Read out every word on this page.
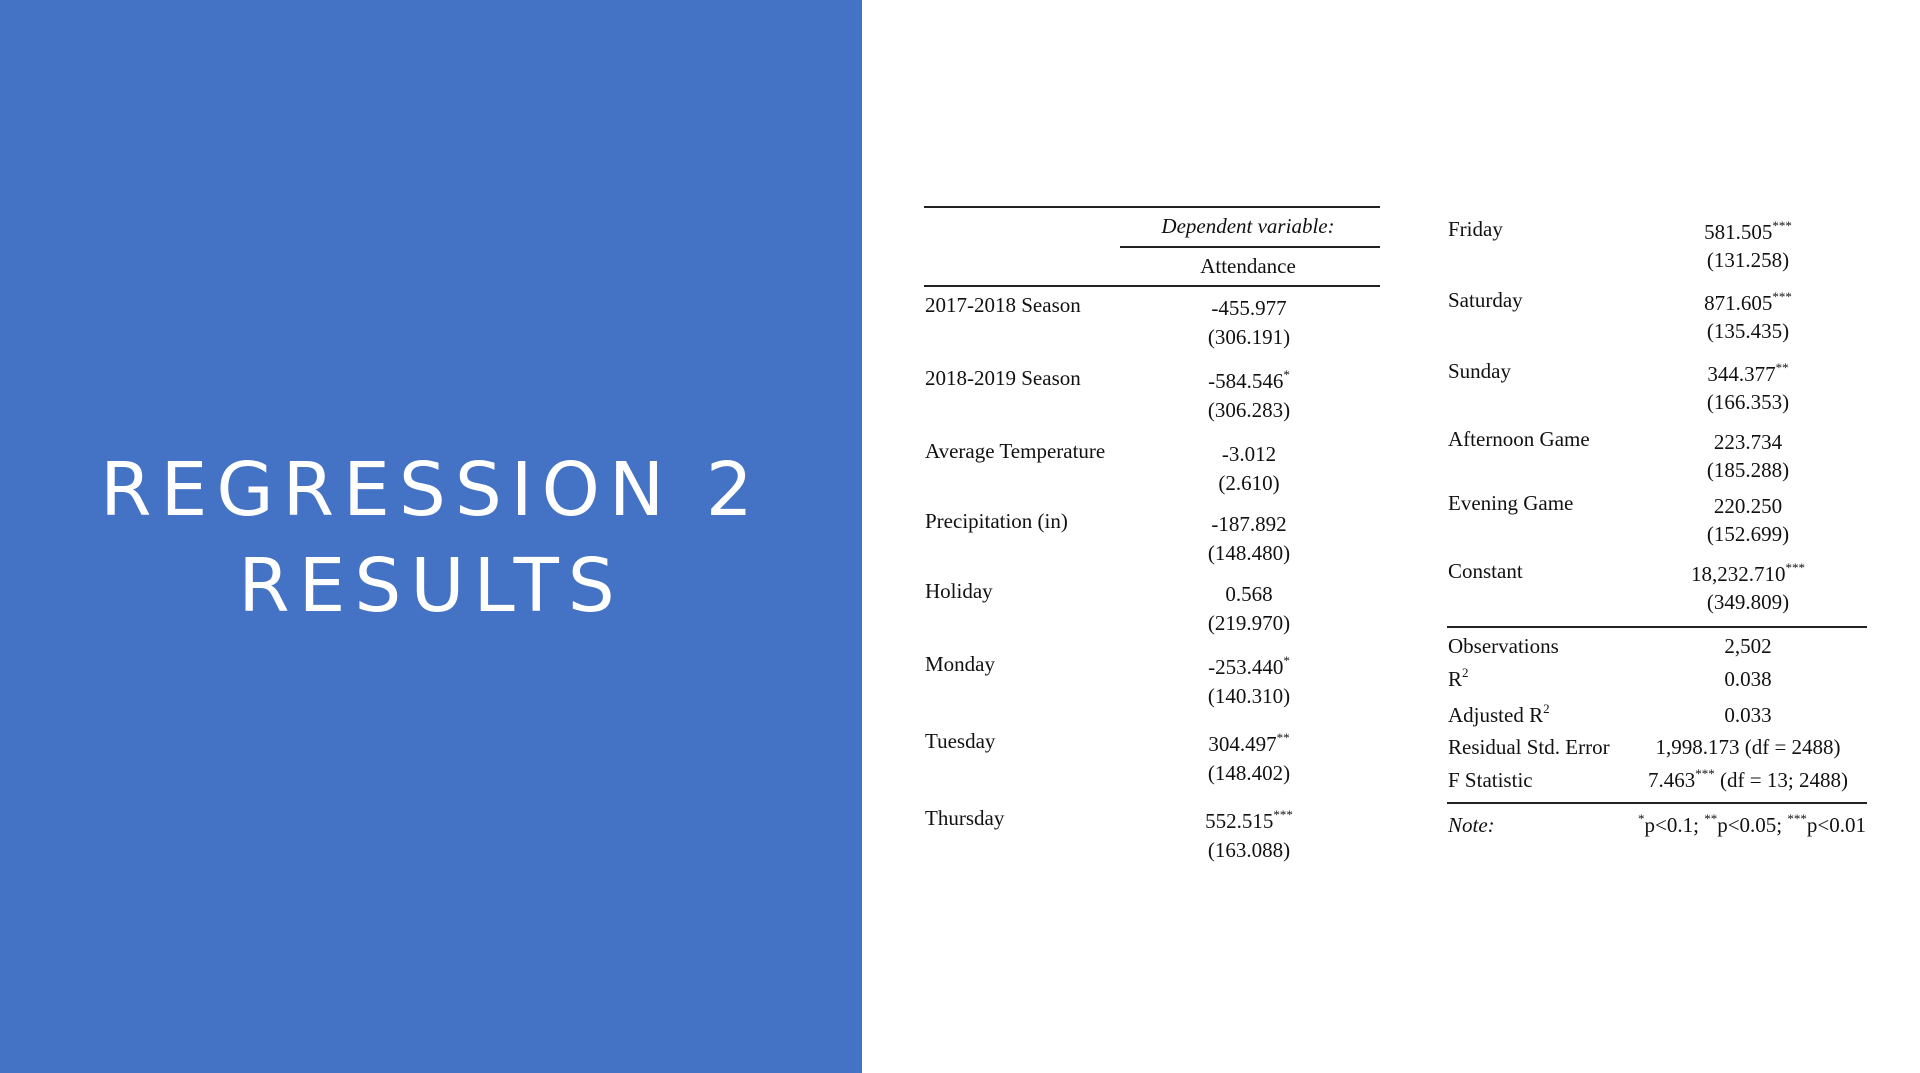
REGRESSION 2
RESULTS
Dependent variable:
Attendance
2017-2018 Season	-455.977
(306.191)
2018-2019 Season	-584.546*
(306.283)
Average Temperature	-3.012
(2.610)
Precipitation (in)	-187.892
(148.480)
Holiday	0.568
(219.970)
Monday	-253.440*
(140.310)
Tuesday	304.497**
(148.402)
Thursday	552.515***
(163.088)
Friday	581.505***
(131.258)
Saturday	871.605***
(135.435)
Sunday	344.377**
(166.353)
Afternoon Game	223.734
(185.288)
Evening Game	220.250
(152.699)
Constant	18,232.710***
(349.809)
Observations	2,502
$R^2$	0.038
Adjusted $R^2$	0.033
Residual Std. Error 1,998.173 (df = 2488)
F Statistic	7.463*** (df = 13; 2488)
Note:	*p<0.1; **p<0.05; ***p<0.01
